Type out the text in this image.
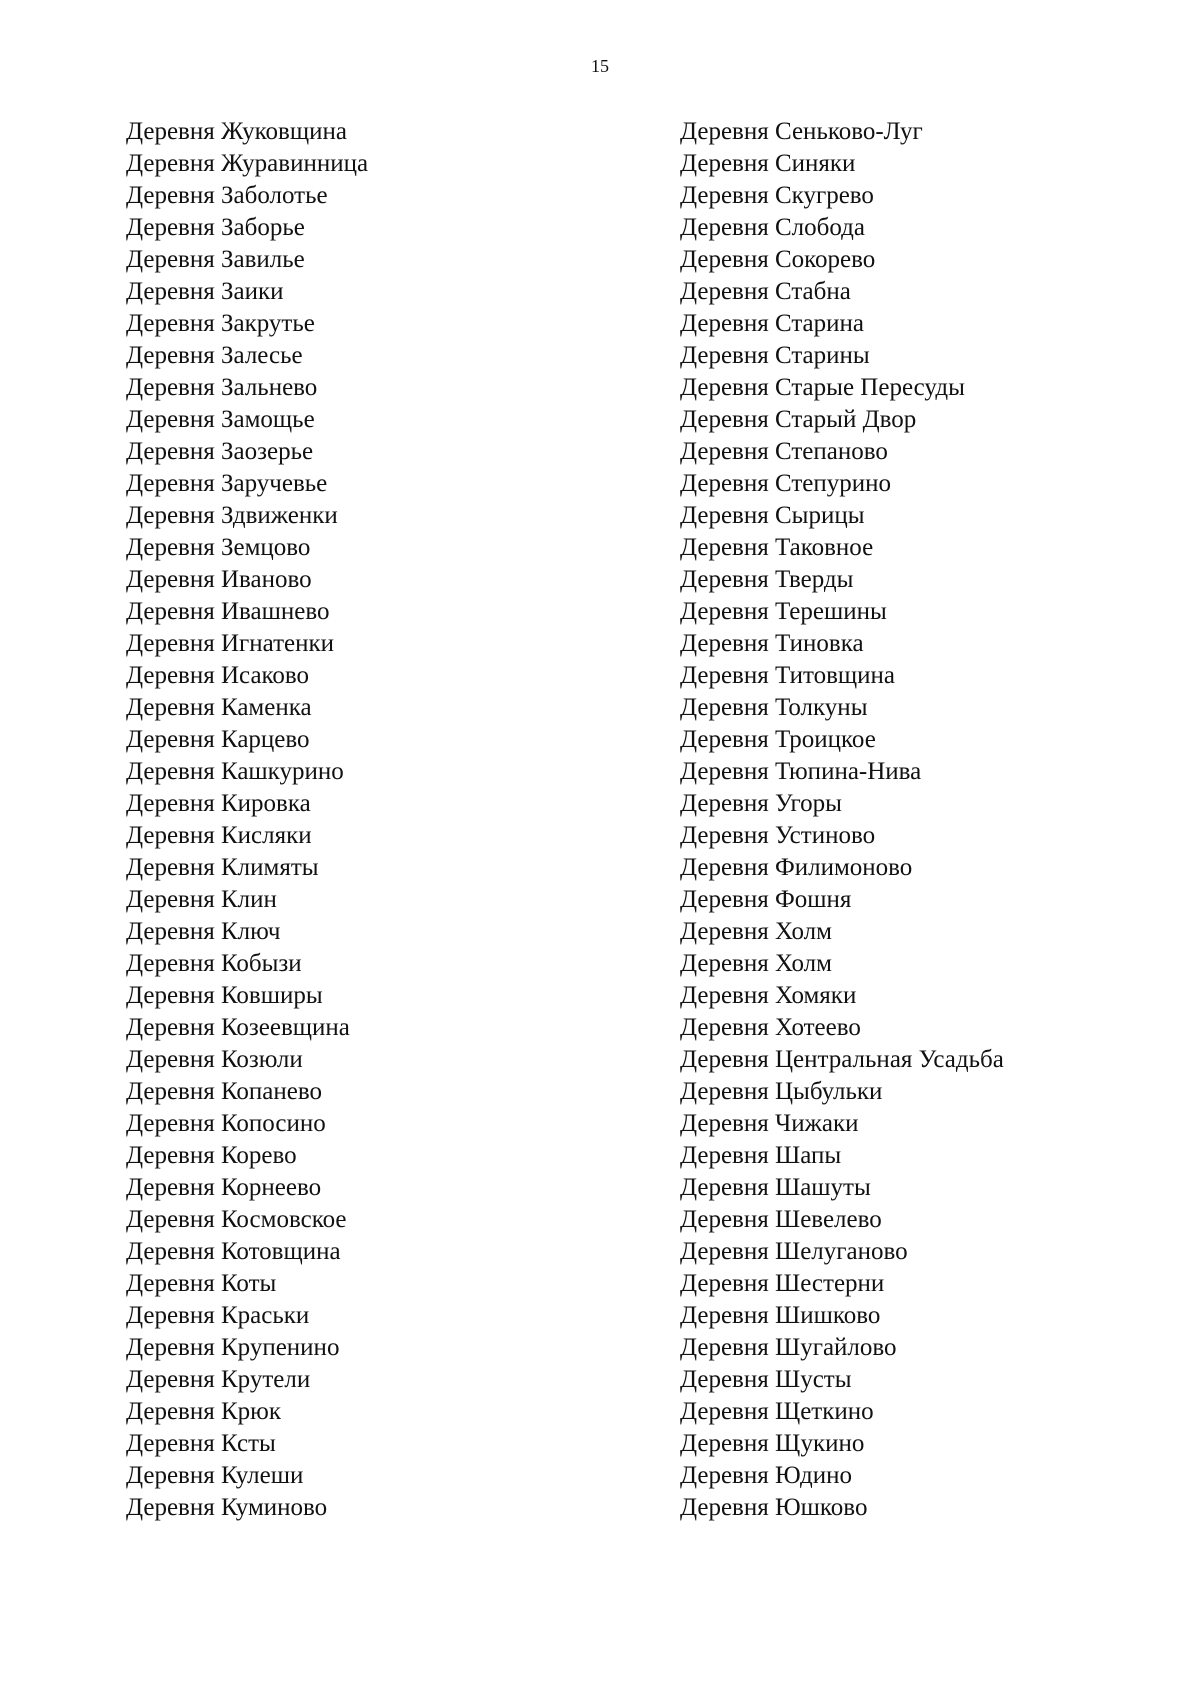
15
Деревня Жуковщина
Деревня Журавинница
Деревня Заболотье
Деревня Заборье
Деревня Завилье
Деревня Заики
Деревня Закрутье
Деревня Залесье
Деревня Зальнево
Деревня Замощье
Деревня Заозерье
Деревня Заручевье
Деревня Здвиженки
Деревня Земцово
Деревня Иваново
Деревня Ивашнево
Деревня Игнатенки
Деревня Исаково
Деревня Каменка
Деревня Карцево
Деревня Кашкурино
Деревня Кировка
Деревня Кисляки
Деревня Климяты
Деревня Клин
Деревня Ключ
Деревня Кобызи
Деревня Ковширы
Деревня Козеевщина
Деревня Козюли
Деревня Копанево
Деревня Копосино
Деревня Корево
Деревня Корнеево
Деревня Космовское
Деревня Котовщина
Деревня Коты
Деревня Краськи
Деревня Крупенино
Деревня Крутели
Деревня Крюк
Деревня Ксты
Деревня Кулеши
Деревня Куминово
Деревня Сеньково-Луг
Деревня Синяки
Деревня Скугрево
Деревня Слобода
Деревня Сокорево
Деревня Стабна
Деревня Старина
Деревня Старины
Деревня Старые Пересуды
Деревня Старый Двор
Деревня Степаново
Деревня Степурино
Деревня Сырицы
Деревня Таковное
Деревня Тверды
Деревня Терешины
Деревня Тиновка
Деревня Титовщина
Деревня Толкуны
Деревня Троицкое
Деревня Тюпина-Нива
Деревня Угоры
Деревня Устиново
Деревня Филимоново
Деревня Фошня
Деревня Холм
Деревня Холм
Деревня Хомяки
Деревня Хотеево
Деревня Центральная Усадьба
Деревня Цыбульки
Деревня Чижаки
Деревня Шапы
Деревня Шашуты
Деревня Шевелево
Деревня Шелуганово
Деревня Шестерни
Деревня Шишково
Деревня Шугайлово
Деревня Шусты
Деревня Щеткино
Деревня Щукино
Деревня Юдино
Деревня Юшково
